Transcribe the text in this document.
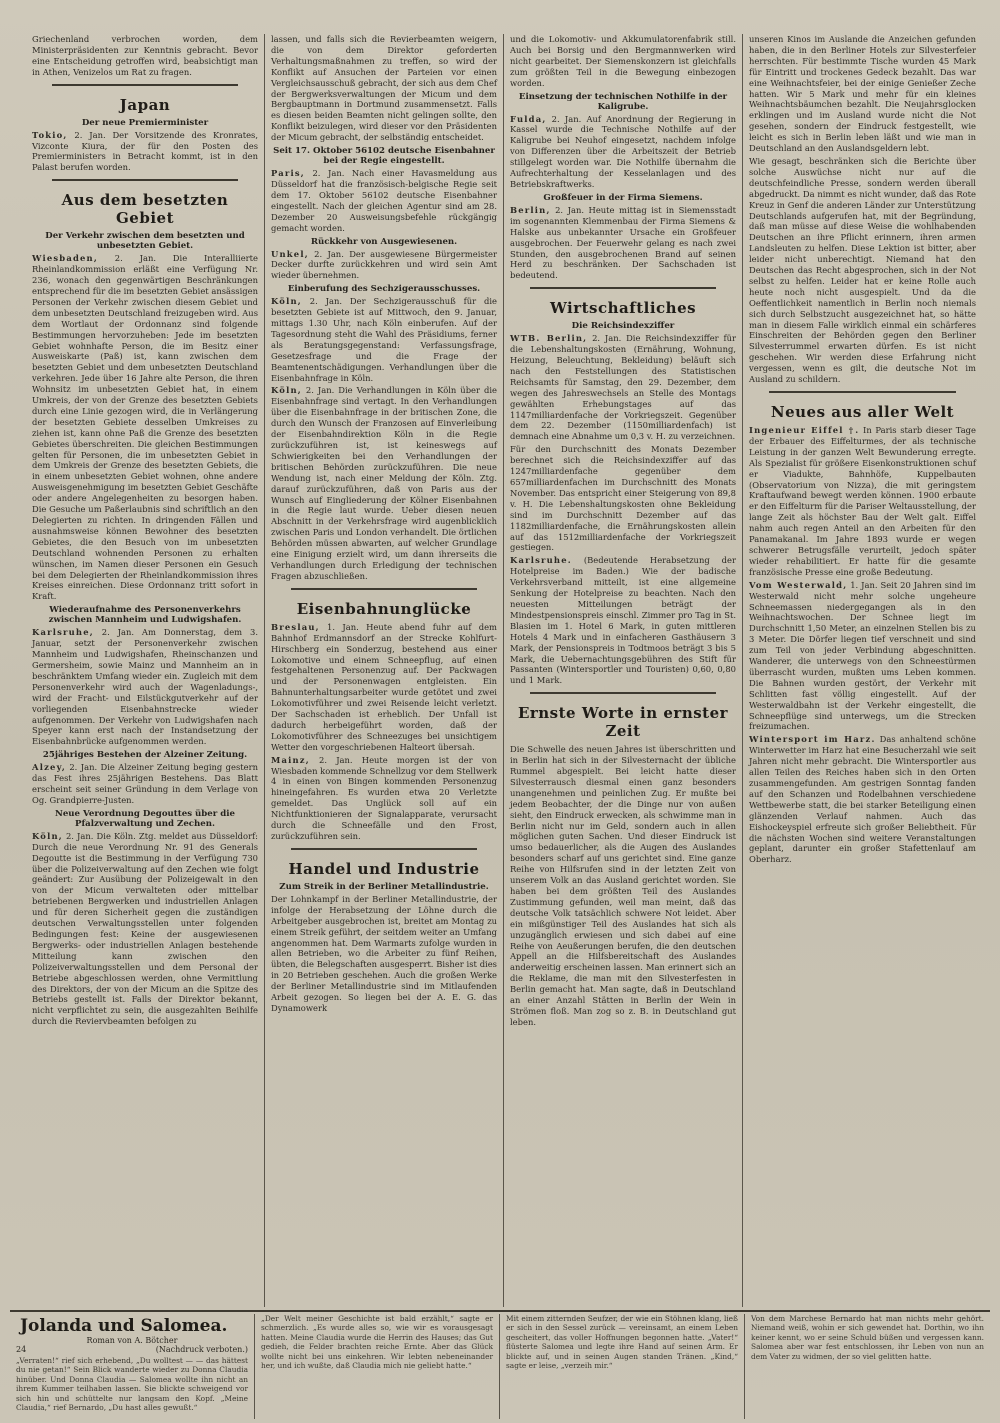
Griechenland verbrochen worden, dem Ministerpräsidenten zur Kenntnis gebracht. Bevor eine Entscheidung getroffen wird, beabsichtigt man in Athen, Venizelos um Rat zu fragen.

Japan
Der neue Premierminister

Tokio, 2. Jan. Der Vorsitzende des Kronrates, Vizconte Kiura, der für den Posten des Premierministers in Betracht kommt, ist in den Palast berufen worden.

Aus dem besetzten Gebiet
Der Verkehr zwischen dem besetzten und unbesetzten Gebiet.

Wiesbaden, 2. Jan. Die Interalliierte Rheinlandkommission erläßt eine Verfügung Nr. 236, wonach den gegenwärtigen Beschränkungen entsprechend für die im besetzten Gebiet ansässigen Personen der Verkehr zwischen diesem Gebiet und dem unbesetzten Deutschland freizugeben wird. Aus dem Wortlaut der Ordonnanz sind folgende Bestimmungen hervorzuheben: Jede im besetzten Gebiet wohnhafte Person, die im Besitz einer Ausweiskarte (Paß) ist, kann zwischen dem besetzten Gebiet und dem unbesetzten Deutschland verkehren. Jede über 16 Jahre alte Person, die ihren Wohnsitz im unbesetzten Gebiet hat, in einem Umkreis, der von der Grenze des besetzten Gebiets durch eine Linie gezogen wird, die in Verlängerung der besetzten Gebiete desselben Umkreises zu ziehen ist, kann ohne Paß die Grenze des besetzten Gebietes überschreiten. Die gleichen Bestimmungen gelten für Personen, die im unbesetzten Gebiet in dem Umkreis der Grenze des besetzten Gebiets, die in einem unbesetzten Gebiet wohnen, ohne andere Ausweisgenehmigung im besetzten Gebiet Geschäfte oder andere Angelegenheiten zu besorgen haben. Die Gesuche um Paßerlaubnis sind schriftlich an den Delegierten zu richten. In dringenden Fällen und ausnahmsweise können Bewohner des besetzten Gebietes, die den Besuch von im unbesetzten Deutschland wohnenden Personen zu erhalten wünschen, im Namen dieser Personen ein Gesuch bei dem Delegierten der Rheinlandkommission ihres Kreises einreichen. Diese Ordonnanz tritt sofort in Kraft.

Wiederaufnahme des Personenverkehrs zwischen Mannheim und Ludwigshafen.

Karlsruhe, 2. Jan. Am Donnerstag, dem 3. Januar, setzt der Personenverkehr zwischen Mannheim und Ludwigshafen, Rheinschanzen und Germersheim, sowie Mainz und Mannheim an in beschränktem Umfang wieder ein. Zugleich mit dem Personenverkehr wird auch der Wagenladungs-, wird der Fracht- und Eilstückgutverkehr auf der vorliegenden Eisenbahnstrecke wieder aufgenommen. Der Verkehr von Ludwigshafen nach Speyer kann erst nach der Instandsetzung der Eisenbahnbrücke aufgenommen werden.

25jähriges Bestehen der Alzeiner Zeitung.

Alzey, 2. Jan. Die Alzeiner Zeitung beging gestern das Fest ihres 25jährigen Bestehens. Das Blatt erscheint seit seiner Gründung in dem Verlage von Og. Grandpierre-Justen.

Neue Verordnung Degouttes über die Pfalzverwaltung und Zechen.

Köln, 2. Jan. Die Köln. Ztg. meldet aus Düsseldorf: Durch die neue Verordnung Nr. 91 des Generals Degoutte ist die Bestimmung in der Verfügung 730 über die Polizeiverwaltung auf den Zechen wie folgt geändert: Zur Ausübung der Polizeigewalt in den von der Micum verwalteten oder mittelbar betriebenen Bergwerken und industriellen Anlagen und für deren Sicherheit gegen die zuständigen deutschen Verwaltungsstellen unter folgenden Bedingungen fest: Keine der ausgewiesenen Bergwerks- oder industriellen Anlagen bestehende Mitteilung kann zwischen den Polizeiverwaltungsstellen und dem Personal der Betriebe abgeschlossen werden, ohne Vermittlung des Direktors, der von der Micum an die Spitze des Betriebs gestellt ist. Falls der Direktor bekannt, nicht verpflichtet zu sein, die ausgezahlten Beihilfe durch die Reviervbeamten befolgen zu

lassen, und falls sich die Revierbeamten weigern, die von dem Direktor geforderten Verhaltungsmaßnahmen zu treffen, so wird der Konflikt auf Ansuchen der Parteien vor einen Vergleichsausschuß gebracht, der sich aus dem Chef der Bergwerksverwaltungen der Micum und dem Bergbauptmann in Dortmund zusammensetzt. Falls es diesen beiden Beamten nicht gelingen sollte, den Konflikt beizulegen, wird dieser vor den Präsidenten der Micum gebracht, der selbständig entscheidet.

Seit 17. Oktober 56102 deutsche Eisenbahner bei der Regie eingestellt.

Paris, 2. Jan. Nach einer Havasmeldung aus Düsseldorf hat die französisch-belgische Regie seit dem 17. Oktober 56102 deutsche Eisenbahner eingestellt. Nach der gleichen Agentur sind am 28. Dezember 20 Ausweisungsbefehle rückgängig gemacht worden.

Rückkehr von Ausgewiesenen.

Unkel, 2. Jan. Der ausgewiesene Bürgermeister Decker durfte zurückkehren und wird sein Amt wieder übernehmen.

Einberufung des Sechzigerausschusses.

Köln, 2. Jan. Der Sechzigerausschuß für die besetzten Gebiete ist auf Mittwoch, den 9. Januar, mittags 1.30 Uhr, nach Köln einberufen. Auf der Tagesordnung steht die Wahl des Präsidiums, ferner als Beratungsgegenstand: Verfassungsfrage, Gesetzesfrage und die Frage der Beamtenentschädigungen. Verhandlungen über die Eisenbahnfrage in Köln.

Köln, 2. Jan. Die Verhandlungen in Köln über die Eisenbahnfrage sind vertagt. In den Verhandlungen über die Eisenbahnfrage in der britischen Zone, die durch den Wunsch der Franzosen auf Einverleibung der Eisenbahndirektion Köln in die Regie zurückzuführen ist, ist keineswegs auf Schwierigkeiten bei den Verhandlungen der britischen Behörden zurückzuführen. Die neue Wendung ist, nach einer Meldung der Köln. Ztg. darauf zurückzuführen, daß von Paris aus der Wunsch auf Eingliederung der Kölner Eisenbahnen in die Regie laut wurde. Ueber diesen neuen Abschnitt in der Verkehrsfrage wird augenblicklich zwischen Paris und London verhandelt. Die örtlichen Behörden müssen abwarten, auf welcher Grundlage eine Einigung erzielt wird, um dann ihrerseits die Verhandlungen durch Erledigung der technischen Fragen abzuschließen.

Eisenbahnunglücke

Breslau, 1. Jan. Heute abend fuhr auf dem Bahnhof Erdmannsdorf an der Strecke Kohlfurt-Hirschberg ein Sonderzug, bestehend aus einer Lokomotive und einem Schneepflug, auf einen festgehaltenen Personenzug auf. Der Packwagen und der Personenwagen entgleisten. Ein Bahnunterhaltungsarbeiter wurde getötet und zwei Lokomotivführer und zwei Reisende leicht verletzt. Der Sachschaden ist erheblich. Der Unfall ist dadurch herbeigeführt worden, daß der Lokomotivführer des Schneezuges bei unsichtigem Wetter den vorgeschriebenen Halteort übersah.

Mainz, 2. Jan. Heute morgen ist der von Wiesbaden kommende Schnellzug vor dem Stellwerk 4 in einen von Bingen kommenden Personenzug hineingefahren. Es wurden etwa 20 Verletzte gemeldet. Das Unglück soll auf ein Nichtfunktionieren der Signalapparate, verursacht durch die Schneefälle und den Frost, zurückzuführen sein.

Handel und Industrie
Zum Streik in der Berliner Metallindustrie.

Der Lohnkampf in der Berliner Metallindustrie, der infolge der Herabsetzung der Löhne durch die Arbeitgeber ausgebrochen ist, breitet am Montag zu einem Streik geführt, der seitdem weiter an Umfang angenommen hat. Dem Warmarts zufolge wurden in allen Betrieben, wo die Arbeiter zu fünf Reihen, übten, die Belegschaften ausgesperrt. Bisher ist dies in 20 Betrieben geschehen. Auch die großen Werke der Berliner Metallindustrie sind im Mitlaufenden Arbeit gezogen. So liegen bei der A. E. G. das Dynamowerk

und die Lokomotiv- und Akkumulatorenfabrik still. Auch bei Borsig und den Bergmannwerken wird nicht gearbeitet. Der Siemenskonzern ist gleichfalls zum größten Teil in die Bewegung einbezogen worden.

Einsetzung der technischen Nothilfe in der Kaligrube.

Fulda, 2. Jan. Auf Anordnung der Regierung in Kassel wurde die Technische Nothilfe auf der Kaligrube bei Neuhof eingesetzt, nachdem infolge von Differenzen über die Arbeitszeit der Betrieb stillgelegt worden war. Die Nothilfe übernahm die Aufrechterhaltung der Kesselanlagen und des Betriebskraftwerks.

Großfeuer in der Firma Siemens.

Berlin, 2. Jan. Heute mittag ist in Siemensstadt im sogenannten Klemmenbau der Firma Siemens & Halske aus unbekannter Ursache ein Großfeuer ausgebrochen. Der Feuerwehr gelang es nach zwei Stunden, den ausgebrochenen Brand auf seinen Herd zu beschränken. Der Sachschaden ist bedeutend.

Wirtschaftliches
Die Reichsindexziffer

WTB. Berlin, 2. Jan. Die Reichsindexziffer für die Lebenshaltungskosten (Ernährung, Wohnung, Heizung, Beleuchtung, Bekleidung) beläuft sich nach den Feststellungen des Statistischen Reichsamts für Samstag, den 29. Dezember, dem wegen des Jahreswechsels an Stelle des Montags gewählten Erhebungstages auf das 1147milliardenfache der Vorkriegszeit. Gegenüber dem 22. Dezember (1150milliardenfach) ist demnach eine Abnahme um 0,3 v. H. zu verzeichnen.

Für den Durchschnitt des Monats Dezember berechnet sich die Reichsindexziffer auf das 1247milliardenfache gegenüber dem 657milliardenfachen im Durchschnitt des Monats November. Das entspricht einer Steigerung von 89,8 v. H. Die Lebenshaltungskosten ohne Bekleidung sind im Durchschnitt Dezember auf das 1182milliardenfache, die Ernährungskosten allein auf das 1512milliardenfache der Vorkriegszeit gestiegen.

Karlsruhe. (Bedeutende Herabsetzung der Hotelpreise im Baden.) Wie der badische Verkehrsverband mitteilt, ist eine allgemeine Senkung der Hotelpreise zu beachten. Nach den neuesten Mitteilungen beträgt der Mindestpensionspreis einschl. Zimmer pro Tag in St. Blasien im 1. Hotel 6 Mark, in guten mittleren Hotels 4 Mark und in einfacheren Gasthäusern 3 Mark, der Pensionspreis in Todtmoos beträgt 3 bis 5 Mark, die Uebernachtungsgebühren des Stift für Passanten (Wintersportler und Touristen) 0,60, 0,80 und 1 Mark.

Ernste Worte in ernster Zeit

Die Schwelle des neuen Jahres ist überschritten und in Berlin hat sich in der Silvesternacht der übliche Rummel abgespielt. Bei leicht hatte dieser Silvesterrausch diesmal einen ganz besonders unangenehmen und peinlichen Zug. Er mußte bei jedem Beobachter, der die Dinge nur von außen sieht, den Eindruck erwecken, als schwimme man in Berlin nicht nur im Geld, sondern auch in allen möglichen guten Sachen. Und dieser Eindruck ist umso bedauerlicher, als die Augen des Auslandes besonders scharf auf uns gerichtet sind. Eine ganze Reihe von Hilfsrufen sind in der letzten Zeit von unserem Volk an das Ausland gerichtet worden. Sie haben bei dem größten Teil des Auslandes Zustimmung gefunden, weil man meint, daß das deutsche Volk tatsächlich schwere Not leidet. Aber ein mißgünstiger Teil des Auslandes hat sich als unzugänglich erwiesen und sich dabei auf eine Reihe von Aeußerungen berufen, die den deutschen Appell an die Hilfsbereitschaft des Auslandes anderweitig erscheinen lassen. Man erinnert sich an die Reklame, die man mit den Silvesterfesten in Berlin gemacht hat. Man sagte, daß in Deutschland an einer Anzahl Stätten in Berlin der Wein in Strömen floß. Man zog so z. B. in Deutschland gut leben.

unseren Kinos im Auslande die Anzeichen gefunden haben, die in den Berliner Hotels zur Silvesterfeier herrschten. Für bestimmte Tische wurden 45 Mark für Eintritt und trockenes Gedeck bezahlt. Das war eine Weihnachtsfeier, bei der einige Genießer Zeche hatten. Wir 5 Mark und mehr für ein kleines Weihnachtsbäumchen bezahlt. Die Neujahrsglocken erklingen und im Ausland wurde nicht die Not gesehen, sondern der Eindruck festgestellt, wie leicht es sich in Berlin leben läßt und wie man in Deutschland an den Auslandsgeldern lebt.

Wie gesagt, beschränken sich die Berichte über solche Auswüchse nicht nur auf die deutschfeindliche Presse, sondern werden überall abgedruckt. Da nimmt es nicht wunder, daß das Rote Kreuz in Genf die anderen Länder zur Unterstützung Deutschlands aufgerufen hat, mit der Begründung, daß man müsse auf diese Weise die wohlhabenden Deutschen an ihre Pflicht erinnern, ihren armen Landsleuten zu helfen. Diese Lektion ist bitter, aber leider nicht unberechtigt. Niemand hat den Deutschen das Recht abgesprochen, sich in der Not selbst zu helfen. Leider hat er keine Rolle auch heute noch nicht ausgespielt. Und da die Oeffentlichkeit namentlich in Berlin noch niemals sich durch Selbstzucht ausgezeichnet hat, so hätte man in diesem Falle wirklich einmal ein schärferes Einschreiten der Behörden gegen den Berliner Silvesterrummel erwarten dürfen. Es ist nicht geschehen. Wir werden diese Erfahrung nicht vergessen, wenn es gilt, die deutsche Not im Ausland zu schildern.

Neues aus aller Welt

Ingenieur Eiffel †. In Paris starb dieser Tage der Erbauer des Eiffelturmes, der als technische Leistung in der ganzen Welt Bewunderung erregte. Als Spezialist für größere Eisenkonstruktionen schuf er Viadukte, Bahnhöfe, Kuppelbauten (Observatorium von Nizza), die mit geringstem Kraftaufwand bewegt werden können. 1900 erbaute er den Eiffelturm für die Pariser Weltausstellung, der lange Zeit als höchster Bau der Welt galt. Eiffel nahm auch regen Anteil an den Arbeiten für den Panamakanal. Im Jahre 1893 wurde er wegen schwerer Betrugsfälle verurteilt, jedoch später wieder rehabilitiert. Er hatte für die gesamte französische Presse eine große Bedeutung.

Vom Westerwald, 1. Jan. Seit 20 Jahren sind im Westerwald nicht mehr solche ungeheure Schneemassen niedergegangen als in den Weihnachtswochen. Der Schnee liegt im Durchschnitt 1,50 Meter, an einzelnen Stellen bis zu 3 Meter. Die Dörfer liegen tief verschneit und sind zum Teil von jeder Verbindung abgeschnitten. Wanderer, die unterwegs von den Schneestürmen überrascht wurden, mußten ums Leben kommen. Die Bahnen wurden gestört, der Verkehr mit Schlitten fast völlig eingestellt. Auf der Westerwaldbahn ist der Verkehr eingestellt, die Schneepflüge sind unterwegs, um die Strecken freizumachen.

Wintersport im Harz. Das anhaltend schöne Winterwetter im Harz hat eine Besucherzahl wie seit Jahren nicht mehr gebracht. Die Wintersportler aus allen Teilen des Reiches haben sich in den Orten zusammengefunden. Am gestrigen Sonntag fanden auf den Schanzen und Rodelbahnen verschiedene Wettbewerbe statt, die bei starker Beteiligung einen glänzenden Verlauf nahmen. Auch das Eishockeyspiel erfreute sich großer Beliebtheit. Für die nächsten Wochen sind weitere Veranstaltungen geplant, darunter ein großer Stafettenlauf am Oberharz.

Jolanda und Salomea.
Roman von A. Bötcher
24	(Nachdruck verboten.)

„Verraten!“ rief sich erhebend, „Du wolltest — — das hättest du nie getan!“ Sein Blick wanderte wieder zu Donna Claudia hinüber. Und Donna Claudia — Salomea wollte ihn nicht an ihrem Kummer teilhaben lassen. Sie blickte schweigend vor sich hin und schüttelte nur langsam den Kopf. „Meine Claudia,“ rief Bernardo, „Du hast alles gewußt.“

„Der Welt meiner Geschichte ist bald erzählt,“ sagte er schmerzlich. „Es wurde alles so, wie wir es vorausgesagt hatten. Meine Claudia wurde die Herrin des Hauses; das Gut gedieh, die Felder brachten reiche Ernte. Aber das Glück wollte nicht bei uns einkehren. Wir lebten nebeneinander her, und ich wußte, daß Claudia mich nie geliebt hatte.“

Mit einem zitternden Seufzer, der wie ein Stöhnen klang, ließ er sich in den Sessel zurück — vereinsamt, an einem Leben gescheitert, das voller Hoffnungen begonnen hatte. „Vater!“ flüsterte Salomea und legte ihre Hand auf seinen Arm. Er blickte auf, und in seinen Augen standen Tränen. „Kind,“ sagte er leise, „verzeih mir.“

Von dem Marchese Bernardo hat man nichts mehr gehört. Niemand weiß, wohin er sich gewendet hat. Dorthin, wo ihn keiner kennt, wo er seine Schuld büßen und vergessen kann. Salomea aber war fest entschlossen, ihr Leben von nun an dem Vater zu widmen, der so viel gelitten hatte.
